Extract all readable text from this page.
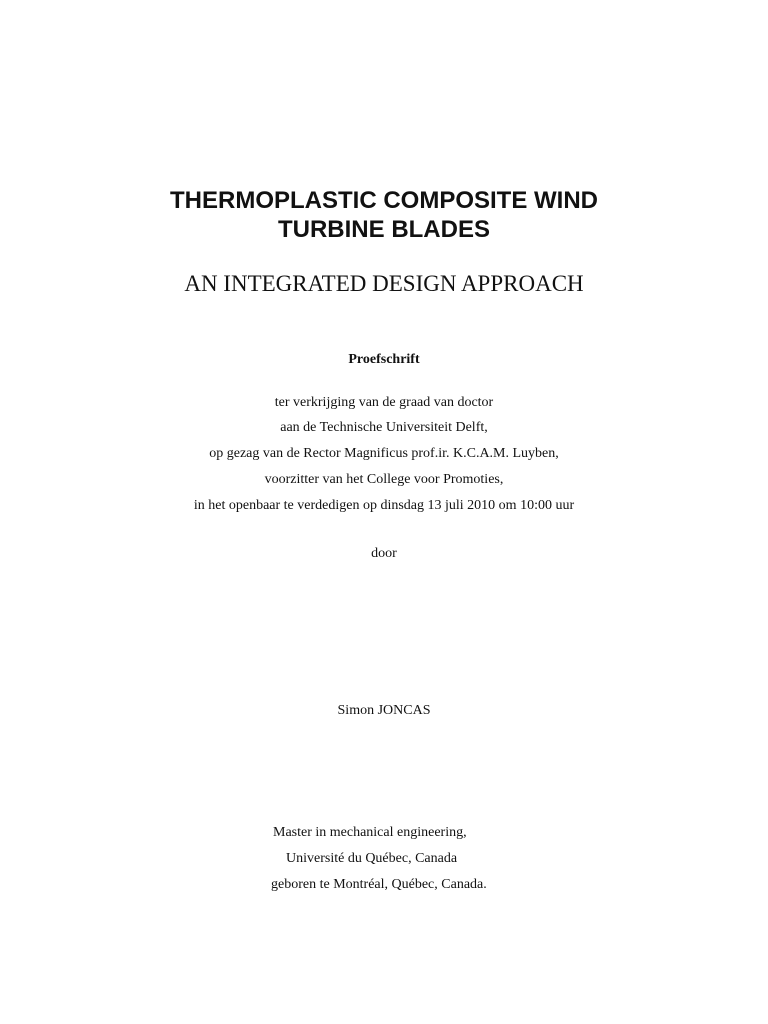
THERMOPLASTIC COMPOSITE WIND
TURBINE BLADES
AN INTEGRATED DESIGN APPROACH
Proefschrift
ter verkrijging van de graad van doctor
aan de Technische Universiteit Delft,
op gezag van de Rector Magnificus prof.ir. K.C.A.M. Luyben,
voorzitter van het College voor Promoties,
in het openbaar te verdedigen op dinsdag 13 juli 2010 om 10:00 uur
door
Simon JONCAS
Master in mechanical engineering,
Université du Québec, Canada
geboren te Montréal, Québec, Canada.
